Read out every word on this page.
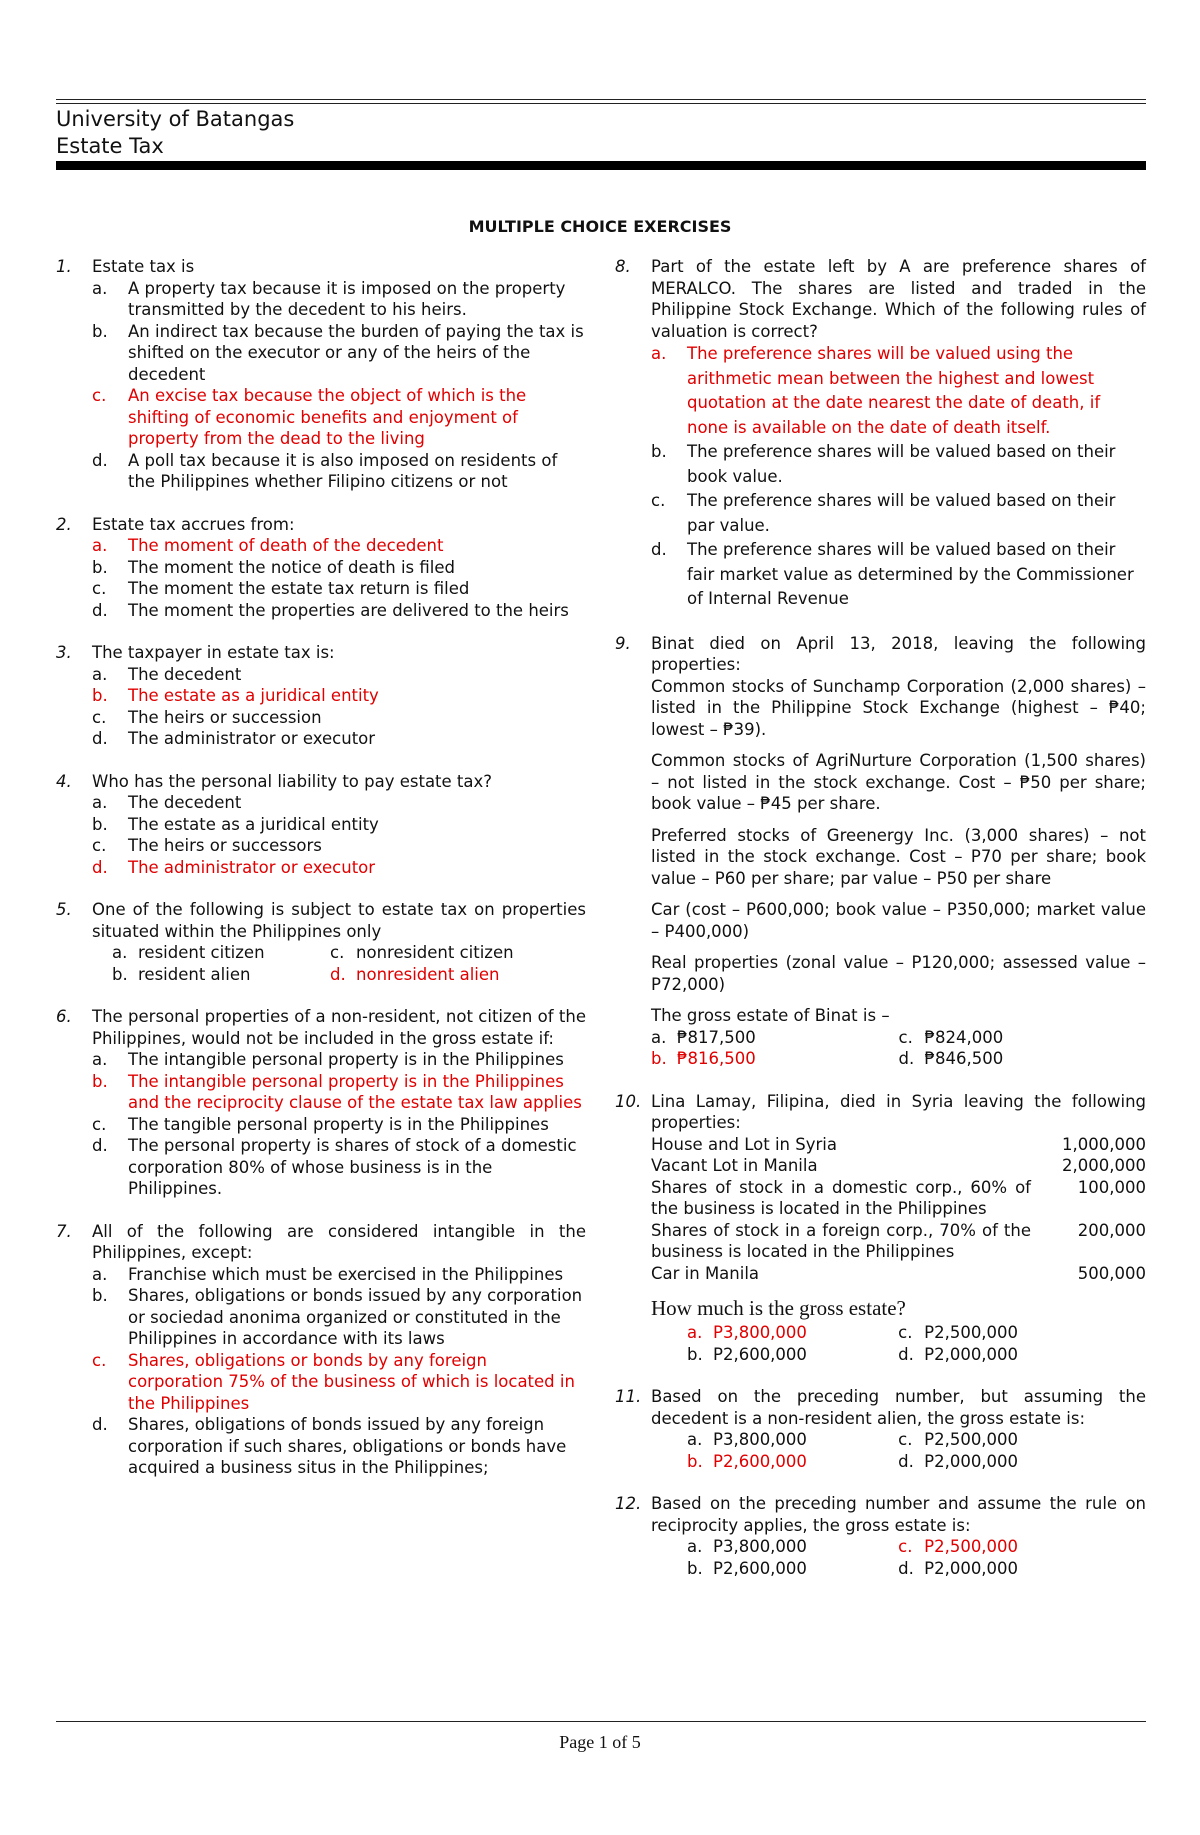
University of Batangas
Estate Tax
MULTIPLE CHOICE EXERCISES
1.	Estate tax is
a.	A property tax because it is imposed on the property transmitted by the decedent to his heirs.
b.	An indirect tax because the burden of paying the tax is shifted on the executor or any of the heirs of the decedent
c.	An excise tax because the object of which is the shifting of economic benefits and enjoyment of property from the dead to the living
d.	A poll tax because it is also imposed on residents of the Philippines whether Filipino citizens or not
2.	Estate tax accrues from:
a.	The moment of death of the decedent
b.	The moment the notice of death is filed
c.	The moment the estate tax return is filed
d.	The moment the properties are delivered to the heirs
3.	The taxpayer in estate tax is:
a.	The decedent
b.	The estate as a juridical entity
c.	The heirs or succession
d.	The administrator or executor
4.	Who has the personal liability to pay estate tax?
a.	The decedent
b.	The estate as a juridical entity
c.	The heirs or successors
d.	The administrator or executor
5.	One of the following is subject to estate tax on properties situated within the Philippines only
a. resident citizen	c. nonresident citizen
b. resident alien	d. nonresident alien
6.	The personal properties of a non-resident, not citizen of the Philippines, would not be included in the gross estate if:
a.	The intangible personal property is in the Philippines
b.	The intangible personal property is in the Philippines and the reciprocity clause of the estate tax law applies
c.	The tangible personal property is in the Philippines
d.	The personal property is shares of stock of a domestic corporation 80% of whose business is in the Philippines.
7.	All of the following are considered intangible in the Philippines, except:
a.	Franchise which must be exercised in the Philippines
b.	Shares, obligations or bonds issued by any corporation or sociedad anonima organized or constituted in the Philippines in accordance with its laws
c.	Shares, obligations or bonds by any foreign corporation 75% of the business of which is located in the Philippines
d.	Shares, obligations of bonds issued by any foreign corporation if such shares, obligations or bonds have acquired a business situs in the Philippines;
8.	Part of the estate left by A are preference shares of MERALCO. The shares are listed and traded in the Philippine Stock Exchange. Which of the following rules of valuation is correct?
a.	The preference shares will be valued using the arithmetic mean between the highest and lowest quotation at the date nearest the date of death, if none is available on the date of death itself.
b.	The preference shares will be valued based on their book value.
c.	The preference shares will be valued based on their par value.
d.	The preference shares will be valued based on their fair market value as determined by the Commissioner of Internal Revenue
9.	Binat died on April 13, 2018, leaving the following properties:
Common stocks of Sunchamp Corporation (2,000 shares) – listed in the Philippine Stock Exchange (highest – ₱40; lowest – ₱39).
Common stocks of AgriNurture Corporation (1,500 shares) – not listed in the stock exchange. Cost – ₱50 per share; book value – ₱45 per share.
Preferred stocks of Greenergy Inc. (3,000 shares) – not listed in the stock exchange. Cost – P70 per share; book value – P60 per share; par value – P50 per share
Car (cost – P600,000; book value – P350,000; market value – P400,000)
Real properties (zonal value – P120,000; assessed value – P72,000)
The gross estate of Binat is –
a. ₱817,500	c. ₱824,000
b. ₱816,500	d. ₱846,500
10. Lina Lamay, Filipina, died in Syria leaving the following properties:
House and Lot in Syria	1,000,000
Vacant Lot in Manila	2,000,000
Shares of stock in a domestic corp., 60% of the business is located in the Philippines
100,000
Shares of stock in a foreign corp., 70% of the business is located in the Philippines
200,000
Car in Manila	500,000
How much is the gross estate?
a. P3,800,000	c. P2,500,000
b. P2,600,000	d. P2,000,000
11. Based on the preceding number, but assuming the decedent is a non-resident alien, the gross estate is:
a. P3,800,000	c. P2,500,000
b. P2,600,000	d. P2,000,000
12. Based on the preceding number and assume the rule on reciprocity applies, the gross estate is:
a. P3,800,000	c. P2,500,000
b. P2,600,000	d. P2,000,000
Page 1 of 5
